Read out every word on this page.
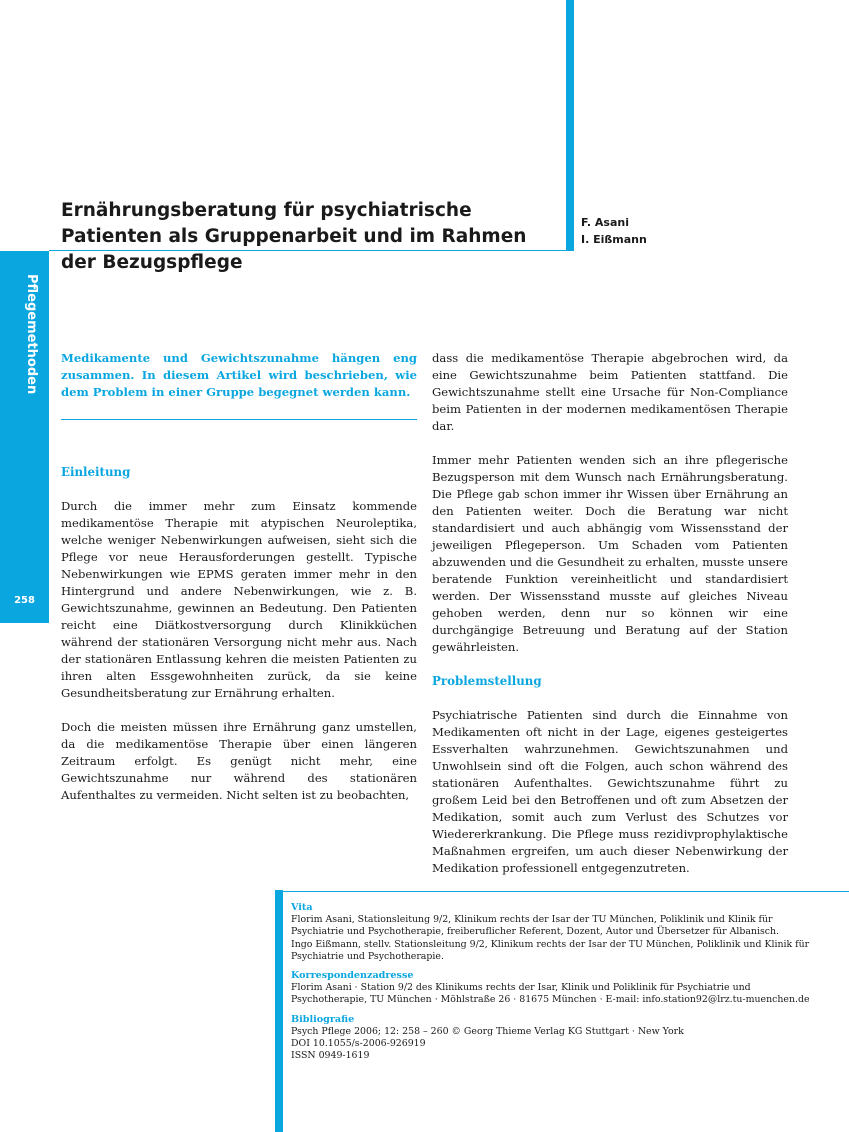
Pflegemethoden
258
Ernährungsberatung für psychiatrische Patienten als Gruppenarbeit und im Rahmen der Bezugspflege
F. Asani
I. Eißmann

Medikamente und Gewichtszunahme hängen eng zusammen. In diesem Artikel wird beschrieben, wie dem Problem in einer Gruppe begegnet werden kann.

Einleitung

Durch die immer mehr zum Einsatz kommende medikamentöse Therapie mit atypischen Neuroleptika, welche weniger Nebenwirkungen aufweisen, sieht sich die Pflege vor neue Herausforderungen gestellt. Typische Nebenwirkungen wie EPMS geraten immer mehr in den Hintergrund und andere Nebenwirkungen, wie z. B. Gewichtszunahme, gewinnen an Bedeutung. Den Patienten reicht eine Diätkostversorgung durch Klinikküchen während der stationären Versorgung nicht mehr aus. Nach der stationären Entlassung kehren die meisten Patienten zu ihren alten Essgewohnheiten zurück, da sie keine Gesundheitsberatung zur Ernährung erhalten.

Doch die meisten müssen ihre Ernährung ganz umstellen, da die medikamentöse Therapie über einen längeren Zeitraum erfolgt. Es genügt nicht mehr, eine Gewichtszunahme nur während des stationären Aufenthaltes zu vermeiden. Nicht selten ist zu beobachten,

dass die medikamentöse Therapie abgebrochen wird, da eine Gewichtszunahme beim Patienten stattfand. Die Gewichtszunahme stellt eine Ursache für Non-Compliance beim Patienten in der modernen medikamentösen Therapie dar.

Immer mehr Patienten wenden sich an ihre pflegerische Bezugsperson mit dem Wunsch nach Ernährungsberatung. Die Pflege gab schon immer ihr Wissen über Ernährung an den Patienten weiter. Doch die Beratung war nicht standardisiert und auch abhängig vom Wissensstand der jeweiligen Pflegeperson. Um Schaden vom Patienten abzuwenden und die Gesundheit zu erhalten, musste unsere beratende Funktion vereinheitlicht und standardisiert werden. Der Wissensstand musste auf gleiches Niveau gehoben werden, denn nur so können wir eine durchgängige Betreuung und Beratung auf der Station gewährleisten.

Problemstellung

Psychiatrische Patienten sind durch die Einnahme von Medikamenten oft nicht in der Lage, eigenes gesteigertes Essverhalten wahrzunehmen. Gewichtszunahmen und Unwohlsein sind oft die Folgen, auch schon während des stationären Aufenthaltes. Gewichtszunahme führt zu großem Leid bei den Betroffenen und oft zum Absetzen der Medikation, somit auch zum Verlust des Schutzes vor Wiedererkrankung. Die Pflege muss rezidivprophylaktische Maßnahmen ergreifen, um auch dieser Nebenwirkung der Medikation professionell entgegenzutreten.

Vita

Florim Asani, Stationsleitung 9/2, Klinikum rechts der Isar der TU München, Poliklinik und Klinik für

Psychiatrie und Psychotherapie, freiberuflicher Referent, Dozent, Autor und Übersetzer für Albanisch.

Ingo Eißmann, stellv. Stationsleitung 9/2, Klinikum rechts der Isar der TU München, Poliklinik und Klinik für

Psychiatrie und Psychotherapie.

Korrespondenzadresse

Florim Asani · Station 9/2 des Klinikums rechts der Isar, Klinik und Poliklinik für Psychiatrie und

Psychotherapie, TU München · Möhlstraße 26 · 81675 München · E-mail: info.station92@lrz.tu-muenchen.de

Bibliografie

Psych Pflege 2006; 12: 258 – 260 © Georg Thieme Verlag KG Stuttgart · New York

DOI 10.1055/s-2006-926919

ISSN 0949-1619
